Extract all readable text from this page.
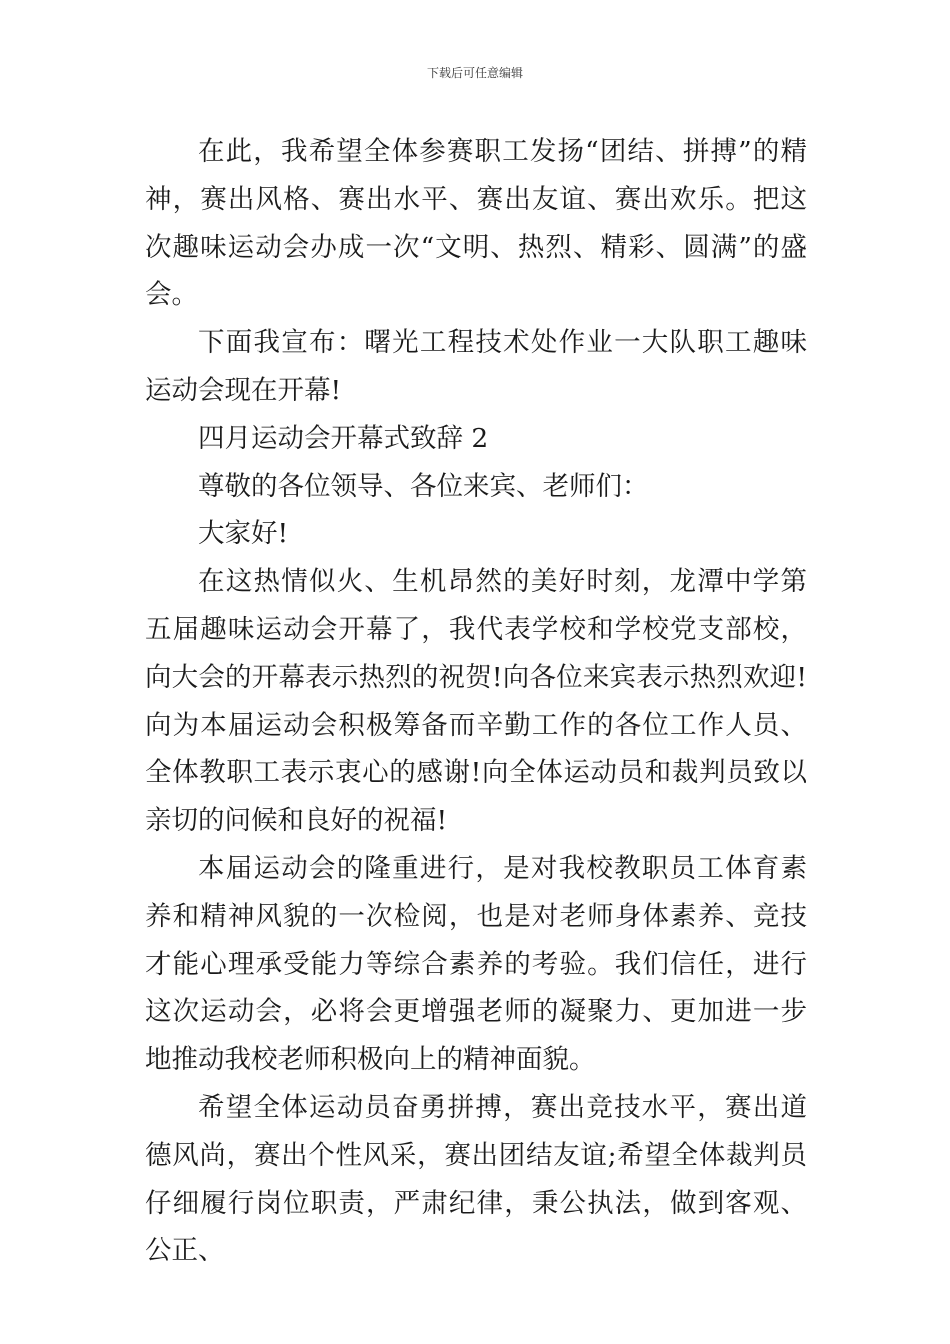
下载后可任意编辑

在此，我希望全体参赛职工发扬“团结、拼搏”的精神，赛出风格、赛出水平、赛出友谊、赛出欢乐。把这次趣味运动会办成一次“文明、热烈、精彩、圆满”的盛会。

下面我宣布：曙光工程技术处作业一大队职工趣味运动会现在开幕!

四月运动会开幕式致辞 2

尊敬的各位领导、各位来宾、老师们：

大家好!

在这热情似火、生机昂然的美好时刻，龙潭中学第五届趣味运动会开幕了，我代表学校和学校党支部校，向大会的开幕表示热烈的祝贺!向各位来宾表示热烈欢迎!向为本届运动会积极筹备而辛勤工作的各位工作人员、全体教职工表示衷心的感谢!向全体运动员和裁判员致以亲切的问候和良好的祝福!

本届运动会的隆重进行，是对我校教职员工体育素养和精神风貌的一次检阅，也是对老师身体素养、竞技才能心理承受能力等综合素养的考验。我们信任，进行这次运动会，必将会更增强老师的凝聚力、更加进一步地推动我校老师积极向上的精神面貌。

希望全体运动员奋勇拼搏，赛出竞技水平，赛出道德风尚，赛出个性风采，赛出团结友谊;希望全体裁判员仔细履行岗位职责，严肃纪律，秉公执法，做到客观、公正、
